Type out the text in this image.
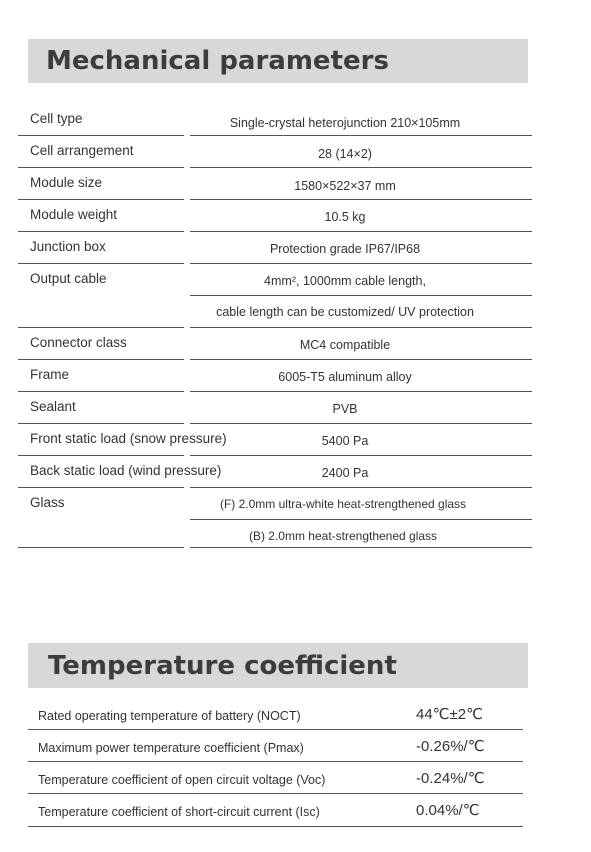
Mechanical parameters
Cell type	Single-crystal heterojunction 210×105mm
Cell arrangement	28 (14×2)
Module size	1580×522×37 mm
Module weight	10.5 kg
Junction box	Protection grade IP67/IP68
Output cable	4mm², 1000mm cable length,
cable length can be customized/ UV protection
Connector class	MC4 compatible
Frame	6005-T5 aluminum alloy
Sealant	PVB
Front static load (snow pressure)	5400 Pa
Back static load (wind pressure)	2400 Pa
Glass	(F) 2.0mm ultra-white heat-strengthened glass
(B) 2.0mm heat-strengthened glass
Temperature coefficient
Rated operating temperature of battery (NOCT)	44℃±2℃
Maximum power temperature coefficient (Pmax)	-0.26%/℃
Temperature coefficient of open circuit voltage (Voc)	-0.24%/℃
Temperature coefficient of short-circuit current (Isc)	0.04%/℃
